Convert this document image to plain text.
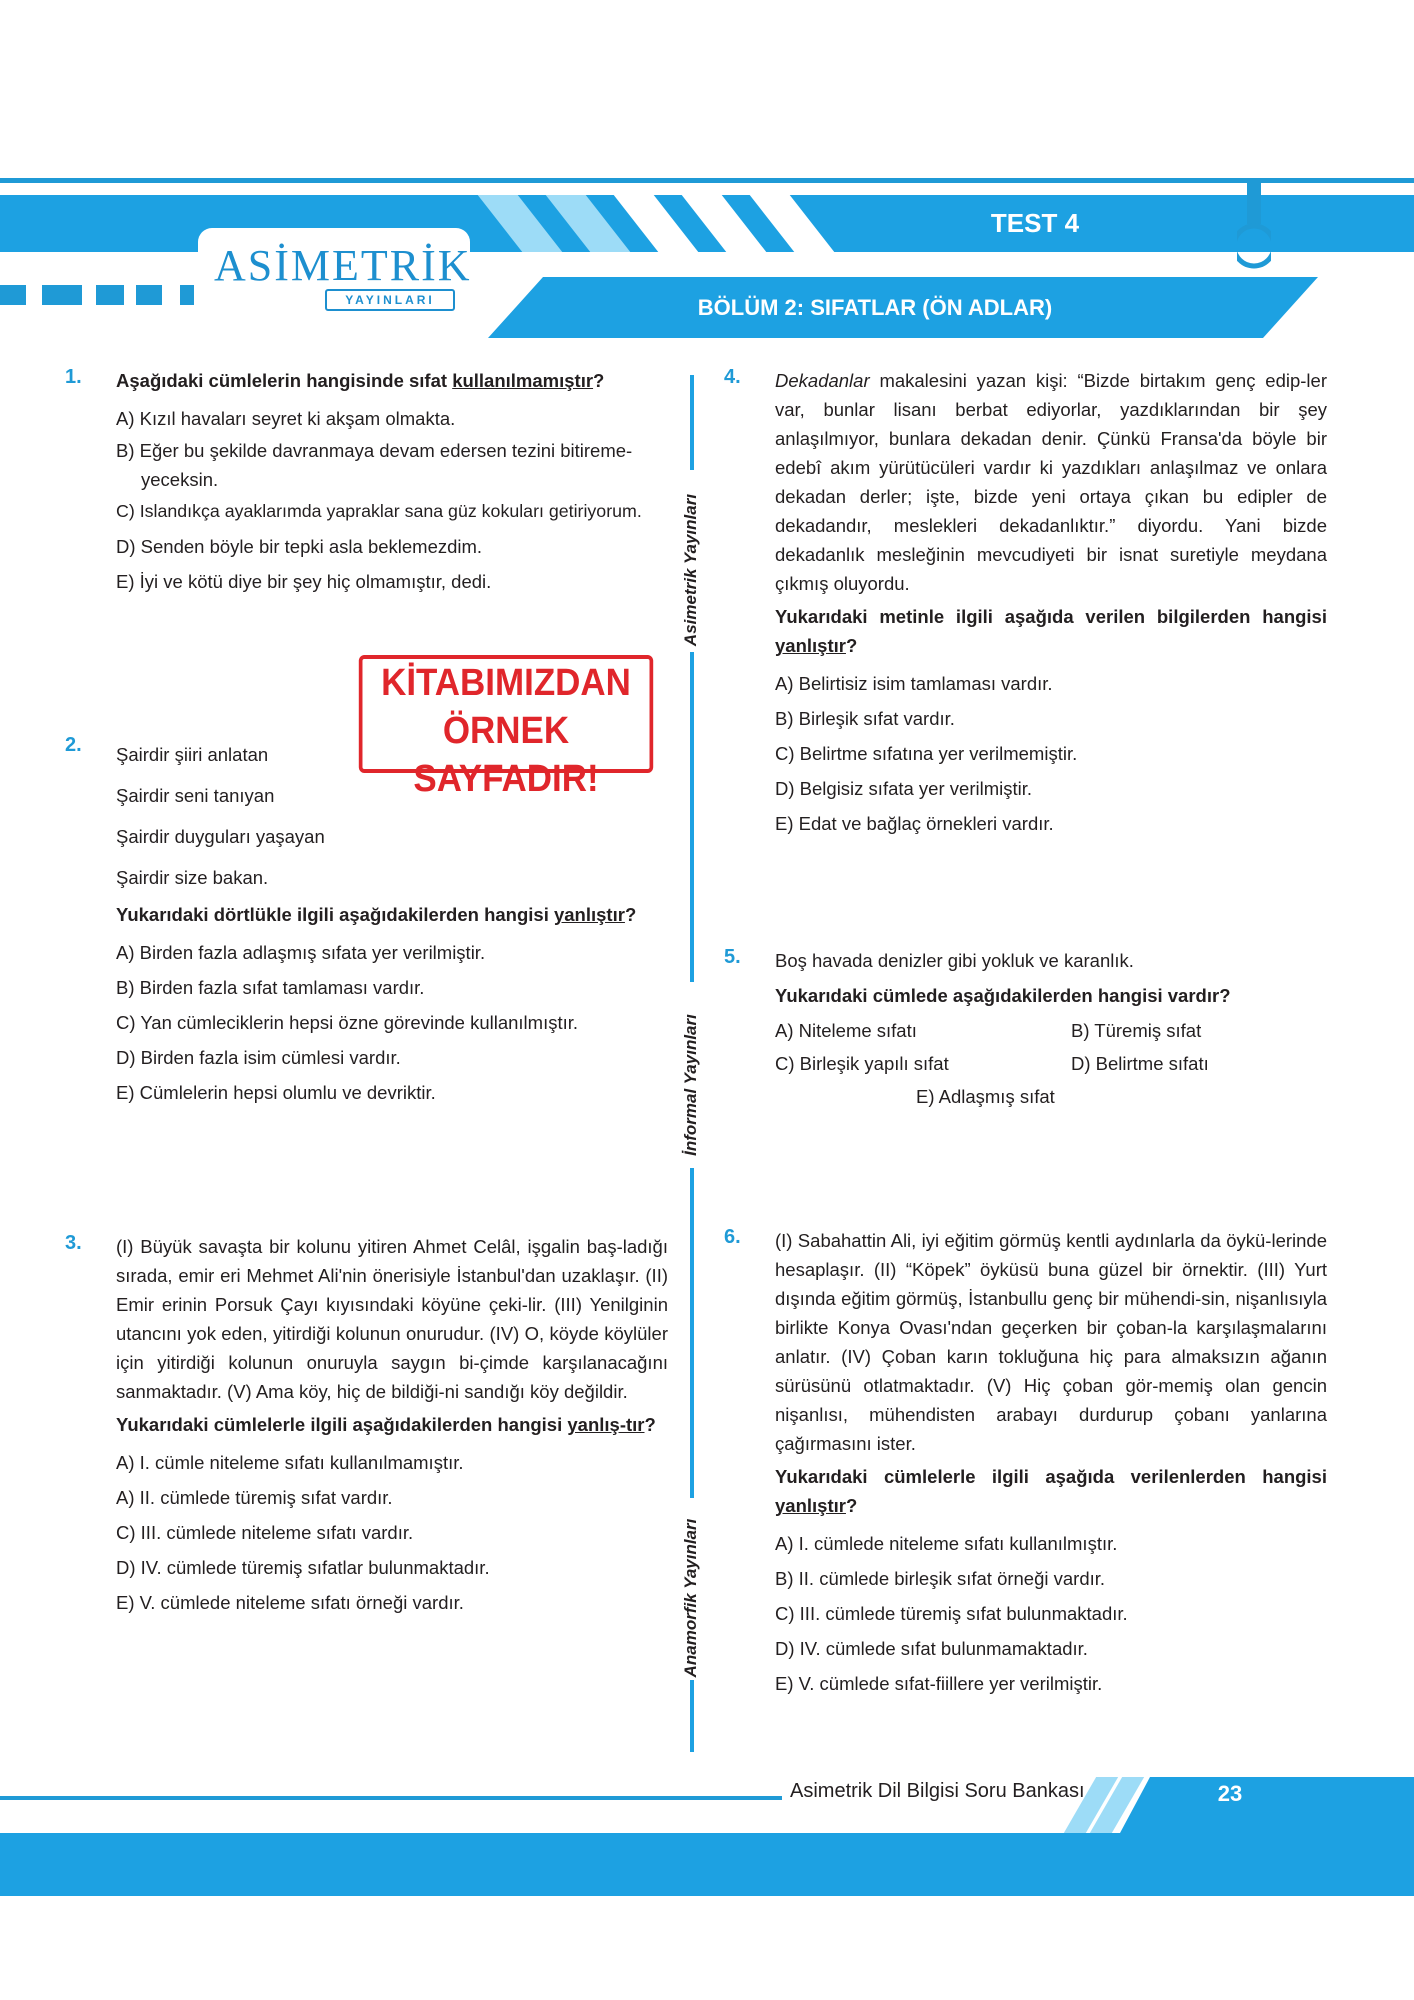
TEST 4
BÖLÜM 2: SIFATLAR (ÖN ADLAR)
ASİMETRİK
YAYINLARI
Asimetrik Yayınları
İnformal Yayınları
Anamorfik Yayınları
1. Aşağıdaki cümlelerin hangisinde sıfat kullanılmamıştır?
A) Kızıl havaları seyret ki akşam olmakta.
B) Eğer bu şekilde davranmaya devam edersen tezini bitireme-
yeceksin.
C) Islandıkça ayaklarımda yapraklar sana güz kokuları getiriyorum.
D) Senden böyle bir tepki asla beklemezdim.
E) İyi ve kötü diye bir şey hiç olmamıştır, dedi.
KİTABIMIZDAN
ÖRNEK SAYFADIR!
2. Şairdir şiiri anlatan
Şairdir seni tanıyan
Şairdir duyguları yaşayan
Şairdir size bakan.
Yukarıdaki dörtlükle ilgili aşağıdakilerden hangisi yanlıştır?
A) Birden fazla adlaşmış sıfata yer verilmiştir.
B) Birden fazla sıfat tamlaması vardır.
C) Yan cümleciklerin hepsi özne görevinde kullanılmıştır.
D) Birden fazla isim cümlesi vardır.
E) Cümlelerin hepsi olumlu ve devriktir.
3. (I) Büyük savaşta bir kolunu yitiren Ahmet Celâl, işgalin baş-ladığı sırada, emir eri Mehmet Ali'nin önerisiyle İstanbul'dan uzaklaşır. (II) Emir erinin Porsuk Çayı kıyısındaki köyüne çeki-lir. (III) Yenilginin utancını yok eden, yitirdiği kolunun onurudur. (IV) O, köyde köylüler için yitirdiği kolunun onuruyla saygın bi-çimde karşılanacağını sanmaktadır. (V) Ama köy, hiç de bildiği-ni sandığı köy değildir.
Yukarıdaki cümlelerle ilgili aşağıdakilerden hangisi yanlış-tır?
A) I. cümle niteleme sıfatı kullanılmamıştır.
A) II. cümlede türemiş sıfat vardır.
C) III. cümlede niteleme sıfatı vardır.
D) IV. cümlede türemiş sıfatlar bulunmaktadır.
E) V. cümlede niteleme sıfatı örneği vardır.
4. Dekadanlar makalesini yazan kişi: “Bizde birtakım genç edip-ler var, bunlar lisanı berbat ediyorlar, yazdıklarından bir şey anlaşılmıyor, bunlara dekadan denir. Çünkü Fransa'da böyle bir edebî akım yürütücüleri vardır ki yazdıkları anlaşılmaz ve onlara dekadan derler; işte, bizde yeni ortaya çıkan bu edipler de dekadandır, meslekleri dekadanlıktır.” diyordu. Yani bizde dekadanlık mesleğinin mevcudiyeti bir isnat suretiyle meydana çıkmış oluyordu.
Yukarıdaki metinle ilgili aşağıda verilen bilgilerden hangisi yanlıştır?
A) Belirtisiz isim tamlaması vardır.
B) Birleşik sıfat vardır.
C) Belirtme sıfatına yer verilmemiştir.
D) Belgisiz sıfata yer verilmiştir.
E) Edat ve bağlaç örnekleri vardır.
5. Boş havada denizler gibi yokluk ve karanlık.
Yukarıdaki cümlede aşağıdakilerden hangisi vardır?
A) Niteleme sıfatı	B) Türemiş sıfat
C) Birleşik yapılı sıfat	D) Belirtme sıfatı
E) Adlaşmış sıfat
6. (I) Sabahattin Ali, iyi eğitim görmüş kentli aydınlarla da öykü-lerinde hesaplaşır. (II) “Köpek” öyküsü buna güzel bir örnektir. (III) Yurt dışında eğitim görmüş, İstanbullu genç bir mühendi-sin, nişanlısıyla birlikte Konya Ovası'ndan geçerken bir çoban-la karşılaşmalarını anlatır. (IV) Çoban karın tokluğuna hiç para almaksızın ağanın sürüsünü otlatmaktadır. (V) Hiç çoban gör-memiş olan gencin nişanlısı, mühendisten arabayı durdurup çobanı yanlarına çağırmasını ister.
Yukarıdaki cümlelerle ilgili aşağıda verilenlerden hangisi yanlıştır?
A) I. cümlede niteleme sıfatı kullanılmıştır.
B) II. cümlede birleşik sıfat örneği vardır.
C) III. cümlede türemiş sıfat bulunmaktadır.
D) IV. cümlede sıfat bulunmamaktadır.
E) V. cümlede sıfat-fiillere yer verilmiştir.
Asimetrik Dil Bilgisi Soru Bankası	23
